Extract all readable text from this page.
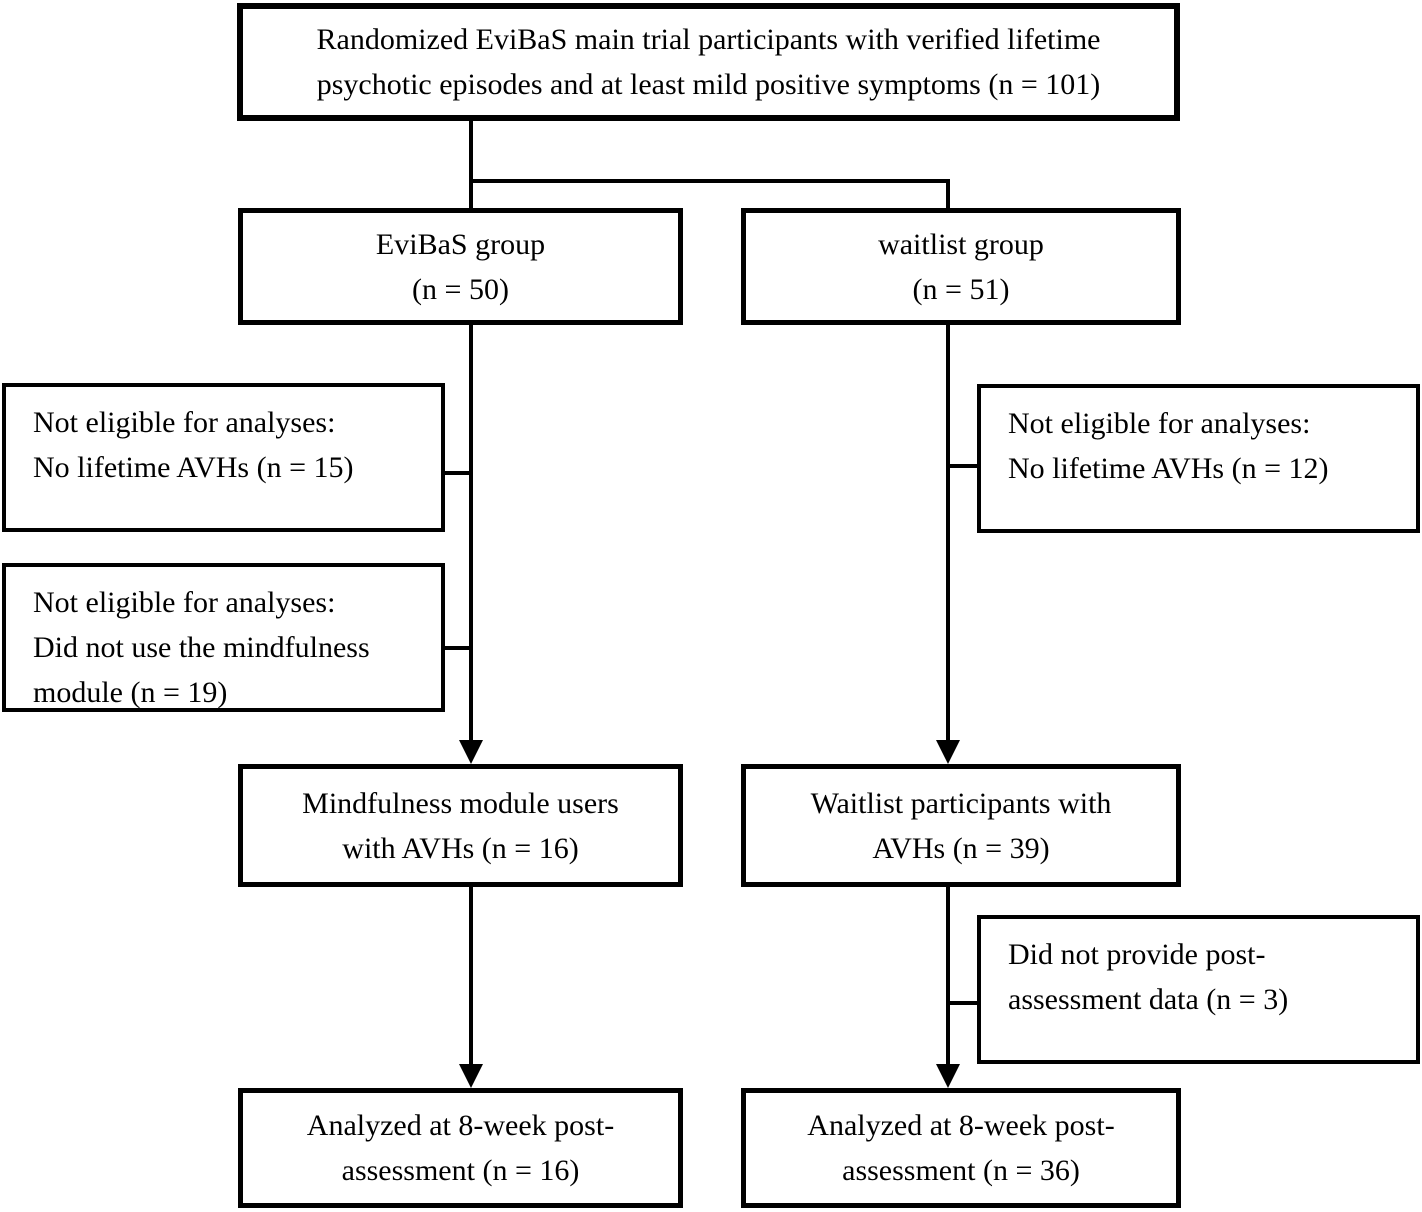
Randomized EviBaS main trial participants with verified lifetime
psychotic episodes and at least mild positive symptoms (n = 101)
EviBaS group
(n = 50)
waitlist group
(n = 51)
Not eligible for analyses:
No lifetime AVHs (n = 15)
Not eligible for analyses:
Did not use the mindfulness
module (n = 19)
Not eligible for analyses:
No lifetime AVHs (n = 12)
Mindfulness module users
with AVHs (n = 16)
Waitlist participants with
AVHs (n = 39)
Did not provide post-
assessment data (n = 3)
Analyzed at 8-week post-
assessment (n = 16)
Analyzed at 8-week post-
assessment (n = 36)
